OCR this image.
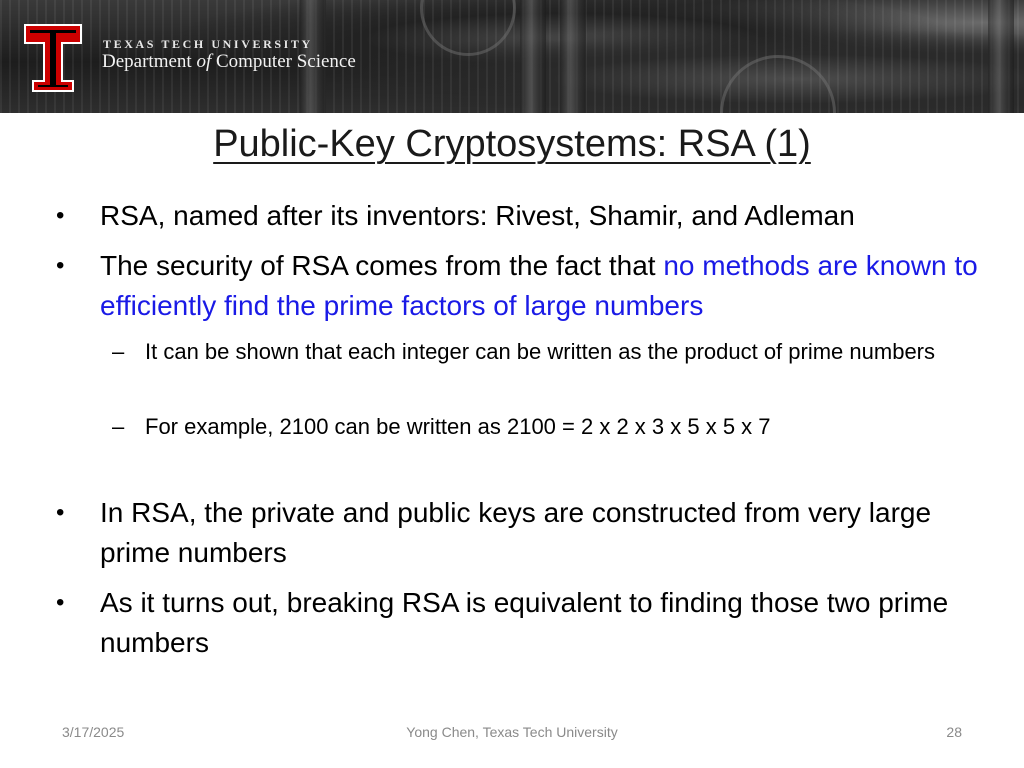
TEXAS TECH UNIVERSITY
Department of Computer Science
Public-Key Cryptosystems: RSA (1)
• RSA, named after its inventors: Rivest, Shamir, and Adleman
• The security of RSA comes from the fact that no methods are known to efficiently find the prime factors of large numbers
– It can be shown that each integer can be written as the product of prime numbers
– For example, 2100 can be written as 2100 = 2 x 2 x 3 x 5 x 5 x 7
• In RSA, the private and public keys are constructed from very large prime numbers
• As it turns out, breaking RSA is equivalent to finding those two prime numbers
3/17/2025	Yong Chen, Texas Tech University	28
